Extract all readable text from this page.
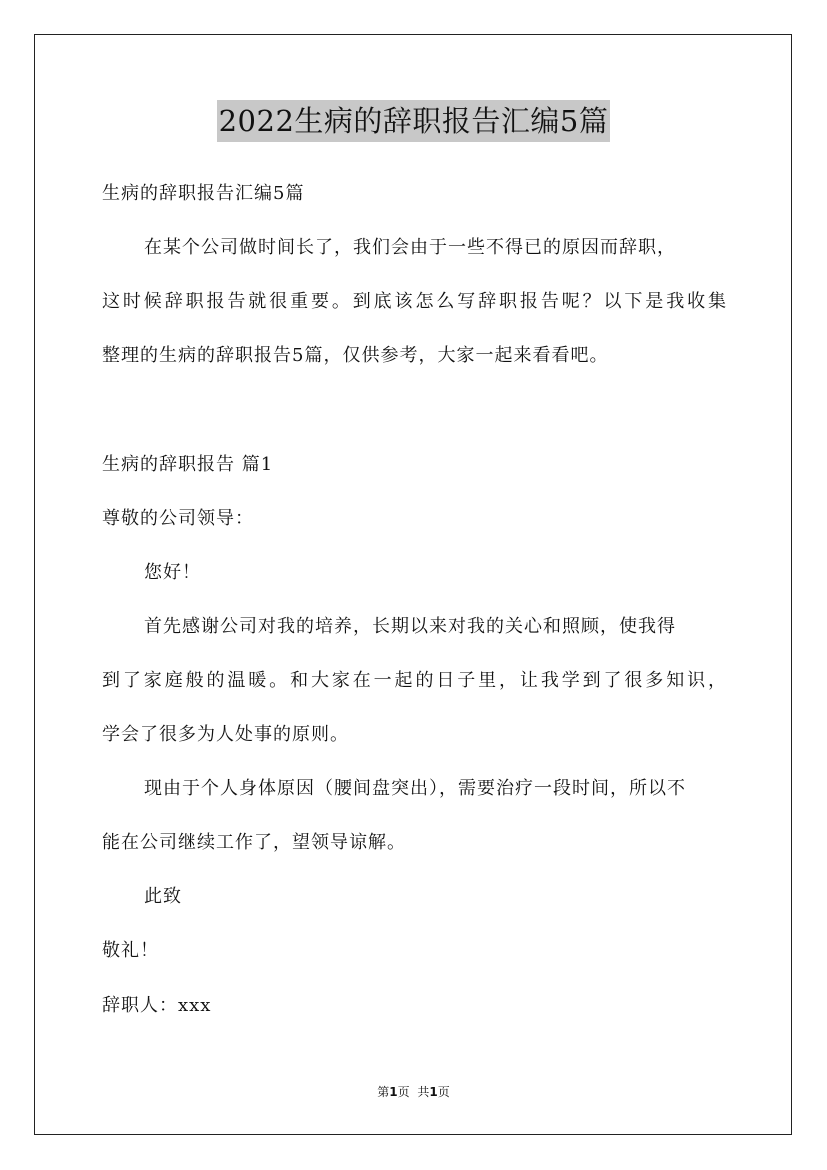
2022生病的辞职报告汇编5篇
生病的辞职报告汇编5篇
在某个公司做时间长了，我们会由于一些不得已的原因而辞职，
这时候辞职报告就很重要。到底该怎么写辞职报告呢？以下是我收集
整理的生病的辞职报告5篇，仅供参考，大家一起来看看吧。
生病的辞职报告 篇1
尊敬的公司领导：
您好！
首先感谢公司对我的培养，长期以来对我的关心和照顾，使我得
到了家庭般的温暖。和大家在一起的日子里，让我学到了很多知识，
学会了很多为人处事的原则。
现由于个人身体原因（腰间盘突出），需要治疗一段时间，所以不
能在公司继续工作了，望领导谅解。
此致
敬礼！
辞职人：xxx
第1页 共1页
